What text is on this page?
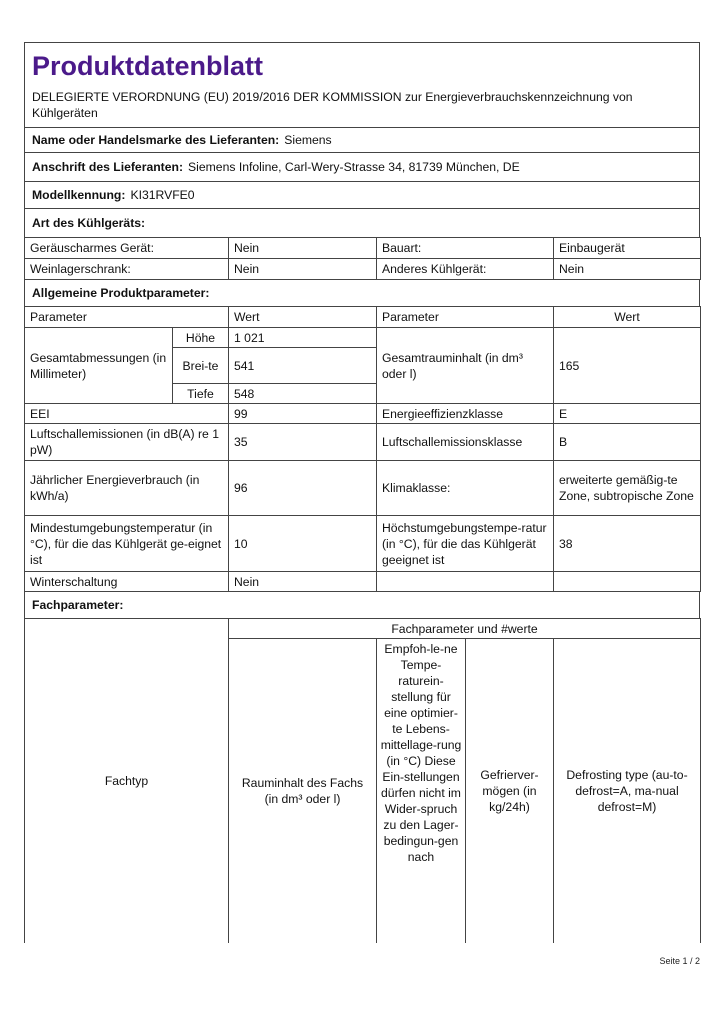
Produktdatenblatt
DELEGIERTE VERORDNUNG (EU) 2019/2016 DER KOMMISSION zur Energieverbrauchskennzeichnung von Kühlgeräten
Name oder Handelsmarke des Lieferanten: Siemens
Anschrift des Lieferanten: Siemens Infoline, Carl-Wery-Strasse 34, 81739 München, DE
Modellkennung: KI31RVFE0
Art des Kühlgeräts:
Geräuscharmes Gerät:	Nein	Bauart:	Einbaugerät
Weinlagerschrank:	Nein	Anderes Kühlgerät:	Nein
Allgemeine Produktparameter:
Parameter		Wert	Parameter	Wert
Gesamtabmessungen (in Millimeter)	Höhe	1 021	Gesamtrauminhalt (in dm³ oder l)	165
	Brei-te	541		
	Tiefe	548		
EEI		99	Energieeffizienzklasse	E
Luftschallemissionen (in dB(A) re 1 pW)		35	Luftschallemissionsklasse	B
Jährlicher Energieverbrauch (in kWh/a)		96	Klimaklasse:	erweiterte gemäßig-te Zone, subtropische Zone
Mindestumgebungstemperatur (in °C), für die das Kühlgerät ge-eignet ist		10	Höchstumgebungstempe-ratur (in °C), für die das Kühlgerät geeignet ist	38
Winterschaltung		Nein		
Fachparameter:
Fachtyp	Fachparameter und #werte			
	Rauminhalt des Fachs (in dm³ oder l)	Empfoh-le-ne Tempe-raturein-stellung für eine optimier-te Lebens-mittellage-rung (in °C) Diese Ein-stellungen dürfen nicht im Wider-spruch zu den Lager-bedingun-gen nach	Gefrierver-mögen (in kg/24h)	Defrosting type (au-to-defrost=A, ma-nual defrost=M)
Seite 1 / 2
